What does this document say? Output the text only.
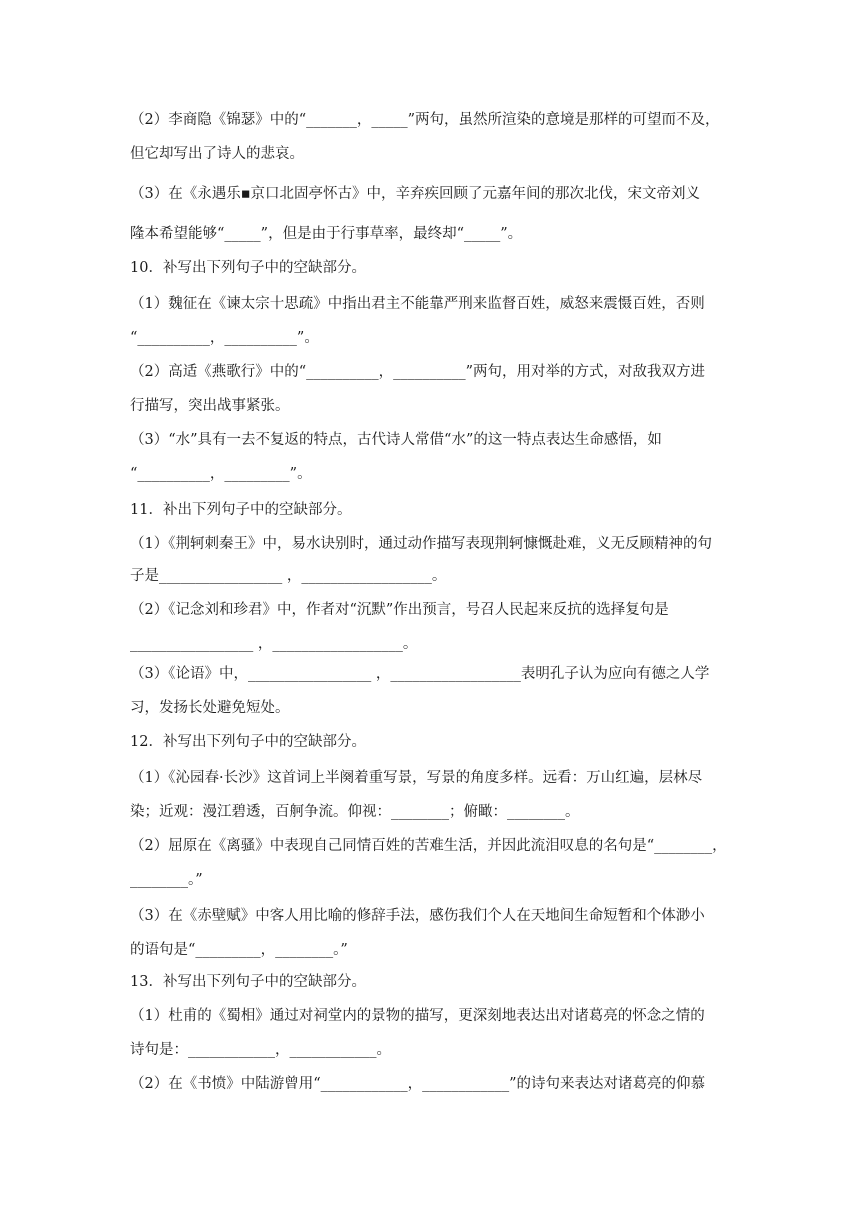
（2）李商隐《锦瑟》中的“_______，_____”两句，虽然所渲染的意境是那样的可望而不及，
但它却写出了诗人的悲哀。
（3）在《永遇乐▪京口北固亭怀古》中，辛弃疾回顾了元嘉年间的那次北伐，宋文帝刘义
隆本希望能够“_____”，但是由于行事草率，最终却“_____”。
10．补写出下列句子中的空缺部分。
（1）魏征在《谏太宗十思疏》中指出君主不能靠严刑来监督百姓，威怒来震慑百姓，否则
“__________，__________”。
（2）高适《燕歌行》中的“__________，__________”两句，用对举的方式，对敌我双方进
行描写，突出战事紧张。
（3）“水”具有一去不复返的特点，古代诗人常借“水”的这一特点表达生命感悟，如
“__________，_________”。
11．补出下列句子中的空缺部分。
（1）《荆轲刺秦王》中，易水诀别时，通过动作描写表现荆轲慷慨赴难，义无反顾精神的句
子是_________________ ，__________________。
（2）《记念刘和珍君》中，作者对“沉默”作出预言，号召人民起来反抗的选择复句是
_________________ ，__________________。
（3）《论语》中，_________________ ，__________________表明孔子认为应向有德之人学
习，发扬长处避免短处。
12．补写出下列句子中的空缺部分。
（1）《沁园春·长沙》这首词上半阕着重写景，写景的角度多样。远看：万山红遍，层林尽
染；近观：漫江碧透，百舸争流。仰视：________；俯瞰：________。
（2）屈原在《离骚》中表现自己同情百姓的苦难生活，并因此流泪叹息的名句是“________，
________。”
（3）在《赤壁赋》中客人用比喻的修辞手法，感伤我们个人在天地间生命短暂和个体渺小
的语句是“_________，________。”
13．补写出下列句子中的空缺部分。
（1）杜甫的《蜀相》通过对祠堂内的景物的描写，更深刻地表达出对诸葛亮的怀念之情的
诗句是：____________，____________。
（2）在《书愤》中陆游曾用“____________，____________”的诗句来表达对诸葛亮的仰慕
